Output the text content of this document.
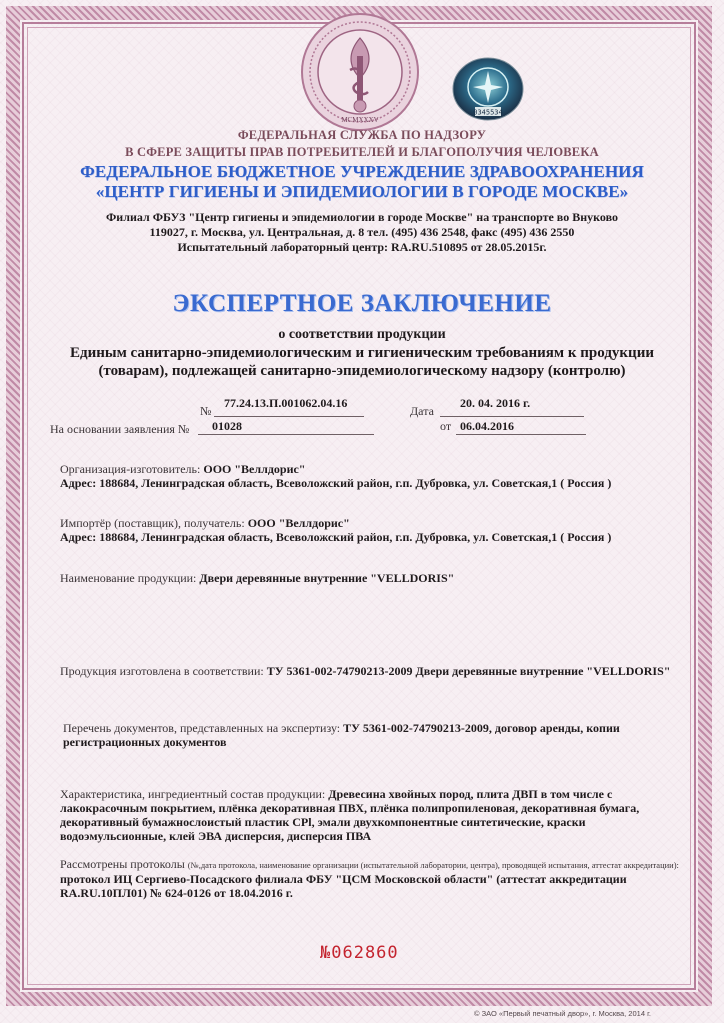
MCMXXXV
0345534
ФЕДЕРАЛЬНАЯ СЛУЖБА ПО НАДЗОРУ
В СФЕРЕ ЗАЩИТЫ ПРАВ ПОТРЕБИТЕЛЕЙ И БЛАГОПОЛУЧИЯ ЧЕЛОВЕКА
ФЕДЕРАЛЬНОЕ БЮДЖЕТНОЕ УЧРЕЖДЕНИЕ ЗДРАВООХРАНЕНИЯ
«ЦЕНТР ГИГИЕНЫ И ЭПИДЕМИОЛОГИИ В ГОРОДЕ МОСКВЕ»
Филиал ФБУЗ "Центр гигиены и эпидемиологии в городе Москве" на транспорте во Внуково
119027, г. Москва, ул. Центральная, д. 8 тел. (495) 436 2548, факс (495) 436 2550
Испытательный лабораторный центр: RA.RU.510895 от 28.05.2015г.
ЭКСПЕРТНОЕ ЗАКЛЮЧЕНИЕ
о соответствии продукции
Единым санитарно-эпидемиологическим и гигиеническим требованиям к продукции
(товарам), подлежащей санитарно-эпидемиологическому надзору (контролю)
№
77.24.13.П.001062.04.16
Дата
20. 04. 2016 г.
На основании заявления № 01028	от 06.04.2016
Организация-изготовитель: ООО "Веллдорис"
Адрес: 188684, Ленинградская область, Всеволожский район, г.п. Дубровка, ул. Советская,1 ( Россия )
Импортёр (поставщик), получатель: ООО "Веллдорис"
Адрес: 188684, Ленинградская область, Всеволожский район, г.п. Дубровка, ул. Советская,1 ( Россия )
Наименование продукции: Двери деревянные внутренние "VELLDORIS"
Продукция изготовлена в соответствии: ТУ 5361-002-74790213-2009 Двери деревянные внутренние "VELLDORIS"
Перечень документов, представленных на экспертизу: ТУ 5361-002-74790213-2009, договор аренды, копии регистрационных документов
Характеристика, ингредиентный состав продукции: Древесина хвойных пород, плита ДВП в том числе с лакокрасочным покрытием, плёнка декоративная ПВХ, плёнка полипропиленовая, декоративная бумага, декоративный бумажнослоистый пластик CPl, эмали двухкомпонентные синтетические, краски водоэмульсионные, клей ЭВА дисперсия, дисперсия ПВА
Рассмотрены протоколы (№,дата протокола, наименование организации (испытательной лаборатории, центра), проводящей испытания, аттестат аккредитации):
протокол ИЦ Сергиево-Посадского филиала ФБУ "ЦСМ Московской области" (аттестат аккредитации RA.RU.10ПЛ01) № 624-0126 от 18.04.2016 г.
№062860
© ЗАО «Первый печатный двор», г. Москва, 2014 г.
